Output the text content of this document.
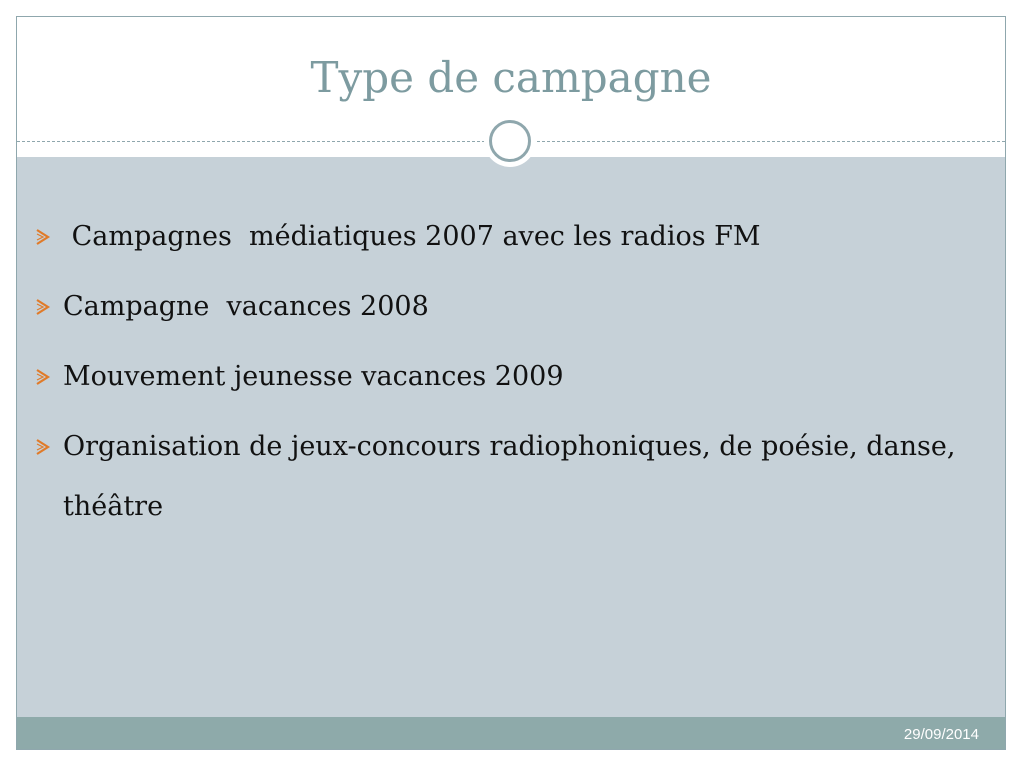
Type de campagne
Campagnes  médiatiques 2007 avec les radios FM
Campagne  vacances 2008
Mouvement jeunesse vacances 2009
Organisation de jeux-concours radiophoniques, de poésie, danse, théâtre
29/09/2014
